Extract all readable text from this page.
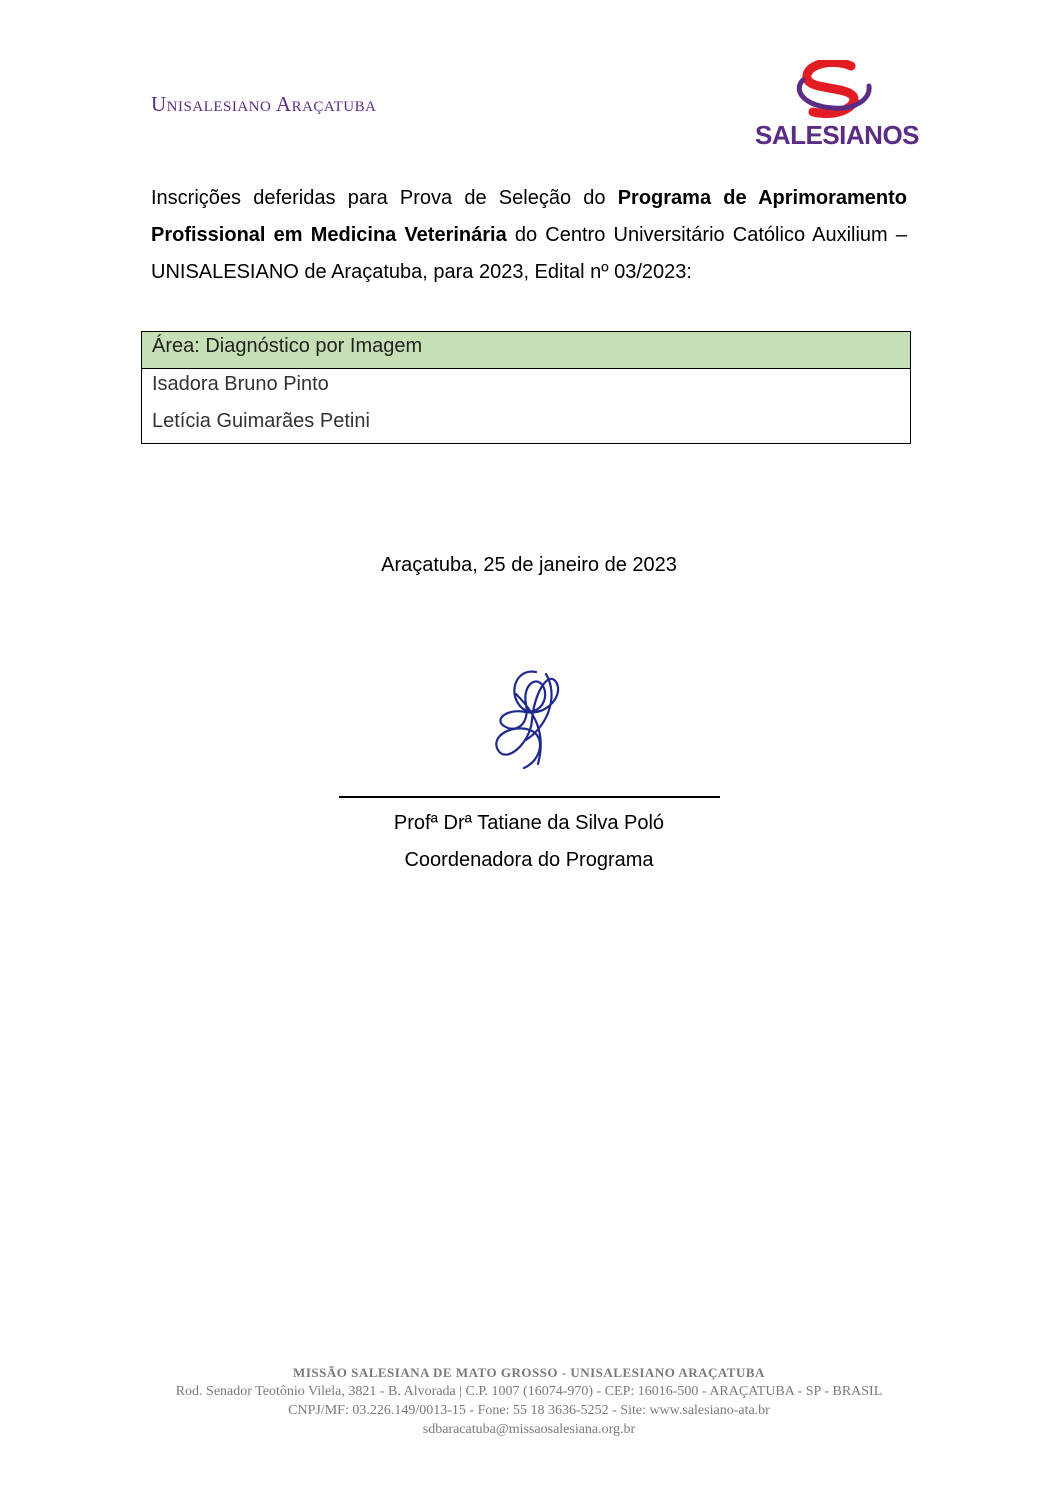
Unisalesiano Araçatuba
SALESIANOS
Inscrições deferidas para Prova de Seleção do Programa de Aprimoramento Profissional em Medicina Veterinária do Centro Universitário Católico Auxilium – UNISALESIANO de Araçatuba, para 2023, Edital nº 03/2023:
Área: Diagnóstico por Imagem
Isadora Bruno Pinto
Letícia Guimarães Petini
Araçatuba, 25 de janeiro de 2023
Profª Drª Tatiane da Silva Poló
Coordenadora do Programa
MISSÃO SALESIANA DE MATO GROSSO - UNISALESIANO ARAÇATUBA
Rod. Senador Teotônio Vilela, 3821 - B. Alvorada | C.P. 1007 (16074-970) - CEP: 16016-500 - ARAÇATUBA - SP - BRASIL
CNPJ/MF: 03.226.149/0013-15 - Fone: 55 18 3636-5252 - Site: www.salesiano-ata.br
sdbaracatuba@missaosalesiana.org.br
